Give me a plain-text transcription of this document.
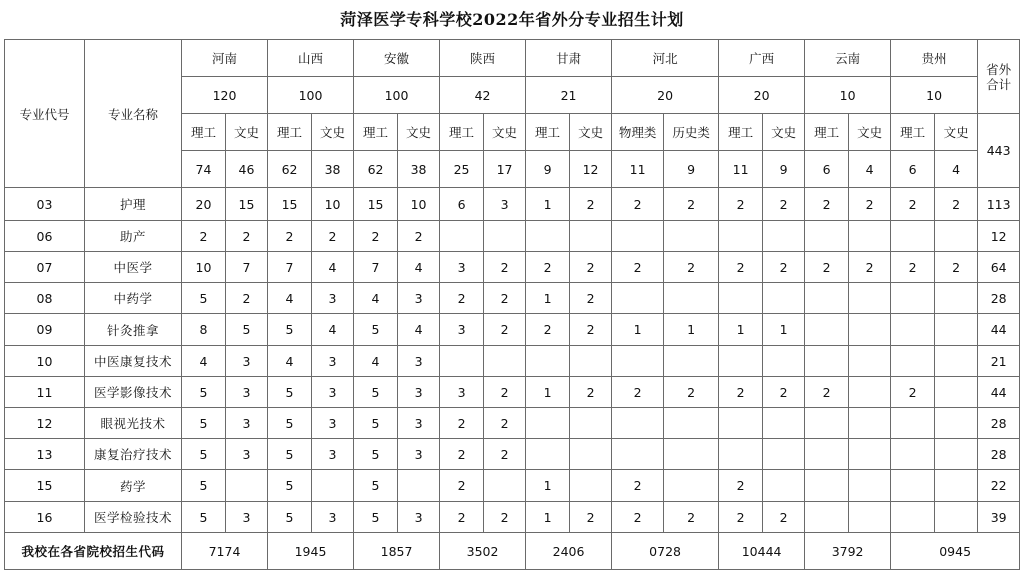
菏泽医学专科学校2022年省外分专业招生计划
专业代号	专业名称	河南		山西		安徽		陕西		甘肃		河北		广西		云南		贵州		省外
合计
		120		100		100		42		21		20		20		10		10		
		理工	文史	理工	文史	理工	文史	理工	文史	理工	文史	物理类	历史类	理工	文史	理工	文史	理工	文史	443
		74	46	62	38	62	38	25	17	9	12	11	9	11	9	6	4	6	4	
03	护理	20	15	15	10	15	10	6	3	1	2	2	2	2	2	2	2	2	2	113
06	助产	2	2	2	2	2	2													12
07	中医学	10	7	7	4	7	4	3	2	2	2	2	2	2	2	2	2	2	2	64
08	中药学	5	2	4	3	4	3	2	2	1	2									28
09	针灸推拿	8	5	5	4	5	4	3	2	2	2	1	1	1	1					44
10	中医康复技术	4	3	4	3	4	3													21
11	医学影像技术	5	3	5	3	5	3	3	2	1	2	2	2	2	2	2		2		44
12	眼视光技术	5	3	5	3	5	3	2	2											28
13	康复治疗技术	5	3	5	3	5	3	2	2											28
15	药学	5		5		5		2		1		2		2						22
16	医学检验技术	5	3	5	3	5	3	2	2	1	2	2	2	2	2					39
我校在各省院校招生代码		7174		1945		1857		3502		2406		0728		10444		3792		0945		
